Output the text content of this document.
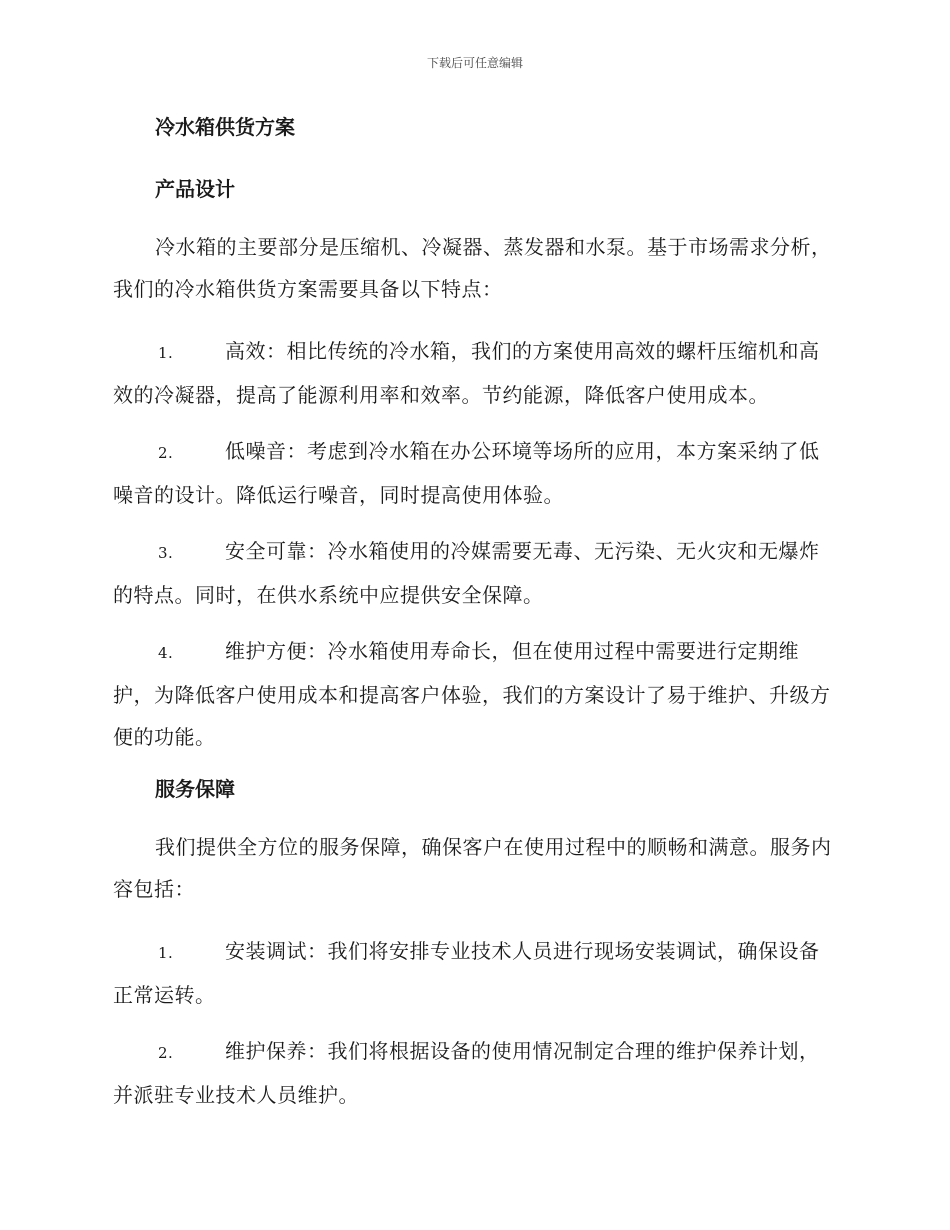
下载后可任意编辑
冷水箱供货方案
产品设计

冷水箱的主要部分是压缩机、冷凝器、蒸发器和水泵。基于市场需求分析，我们的冷水箱供货方案需要具备以下特点：

1.	高效：相比传统的冷水箱，我们的方案使用高效的螺杆压缩机和高效的冷凝器，提高了能源利用率和效率。节约能源，降低客户使用成本。
2.	低噪音：考虑到冷水箱在办公环境等场所的应用，本方案采纳了低噪音的设计。降低运行噪音，同时提高使用体验。
3.	安全可靠：冷水箱使用的冷媒需要无毒、无污染、无火灾和无爆炸的特点。同时，在供水系统中应提供安全保障。
4.	维护方便：冷水箱使用寿命长，但在使用过程中需要进行定期维护，为降低客户使用成本和提高客户体验，我们的方案设计了易于维护、升级方便的功能。
服务保障

我们提供全方位的服务保障，确保客户在使用过程中的顺畅和满意。服务内容包括：

1.	安装调试：我们将安排专业技术人员进行现场安装调试，确保设备正常运转。
2.	维护保养：我们将根据设备的使用情况制定合理的维护保养计划，并派驻专业技术人员维护。
